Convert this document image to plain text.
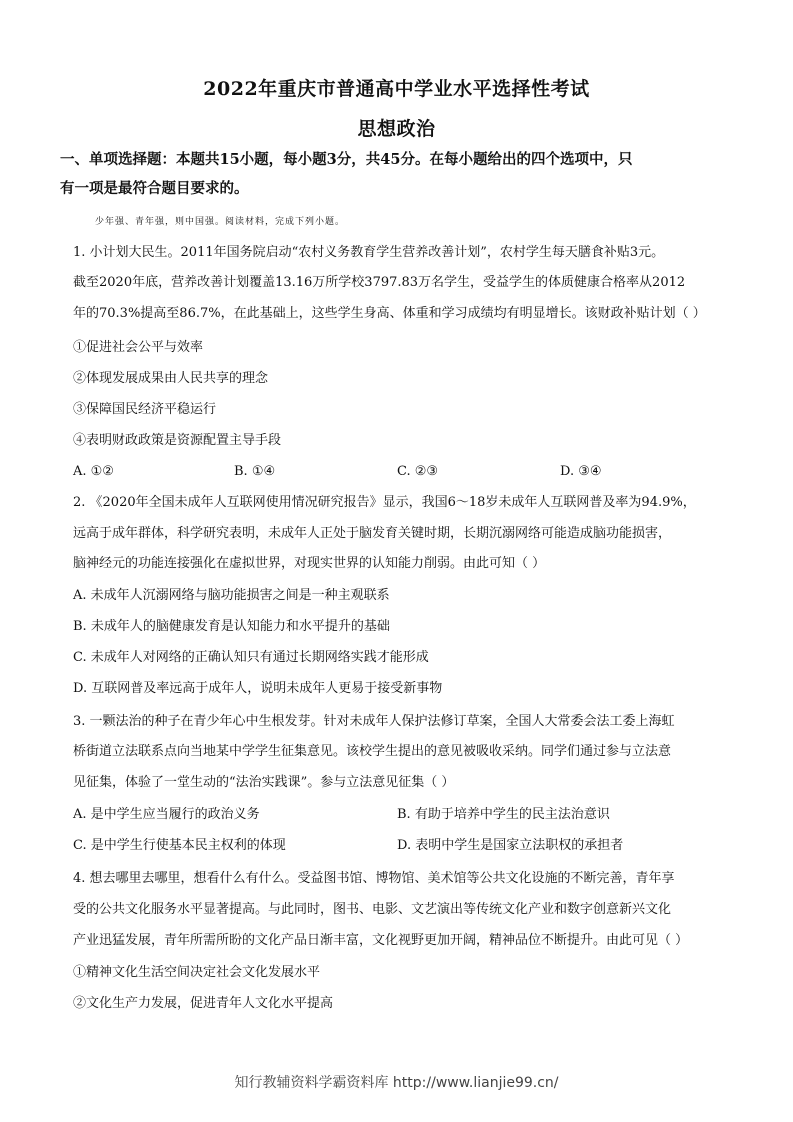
2022年重庆市普通高中学业水平选择性考试
思想政治
一、单项选择题：本题共15小题，每小题3分，共45分。在每小题给出的四个选项中，只
有一项是最符合题目要求的。
少年强、青年强，则中国强。阅读材料，完成下列小题。
1. 小计划大民生。2011年国务院启动“农村义务教育学生营养改善计划”，农村学生每天膳食补贴3元。
截至2020年底，营养改善计划覆盖13.16万所学校3797.83万名学生，受益学生的体质健康合格率从2012
年的70.3%提高至86.7%，在此基础上，这些学生身高、体重和学习成绩均有明显增长。该财政补贴计划（ ）
①促进社会公平与效率
②体现发展成果由人民共享的理念
③保障国民经济平稳运行
④表明财政政策是资源配置主导手段
A. ①②	B. ①④	C. ②③	D. ③④
2. 《2020年全国未成年人互联网使用情况研究报告》显示，我国6～18岁未成年人互联网普及率为94.9%，
远高于成年群体，科学研究表明，未成年人正处于脑发育关键时期，长期沉溺网络可能造成脑功能损害，
脑神经元的功能连接强化在虚拟世界，对现实世界的认知能力削弱。由此可知（ ）
A. 未成年人沉溺网络与脑功能损害之间是一种主观联系
B. 未成年人的脑健康发育是认知能力和水平提升的基础
C. 未成年人对网络的正确认知只有通过长期网络实践才能形成
D. 互联网普及率远高于成年人，说明未成年人更易于接受新事物
3. 一颗法治的种子在青少年心中生根发芽。针对未成年人保护法修订草案，全国人大常委会法工委上海虹
桥街道立法联系点向当地某中学学生征集意见。该校学生提出的意见被吸收采纳。同学们通过参与立法意
见征集，体验了一堂生动的“法治实践课”。参与立法意见征集（ ）
A. 是中学生应当履行的政治义务	B. 有助于培养中学生的民主法治意识
C. 是中学生行使基本民主权利的体现	D. 表明中学生是国家立法职权的承担者
4. 想去哪里去哪里，想看什么有什么。受益图书馆、博物馆、美术馆等公共文化设施的不断完善，青年享
受的公共文化服务水平显著提高。与此同时，图书、电影、文艺演出等传统文化产业和数字创意新兴文化
产业迅猛发展，青年所需所盼的文化产品日渐丰富，文化视野更加开阔，精神品位不断提升。由此可见（ ）
①精神文化生活空间决定社会文化发展水平
②文化生产力发展，促进青年人文化水平提高
知行教辅资料学霸资料库 http://www.lianjie99.cn/
